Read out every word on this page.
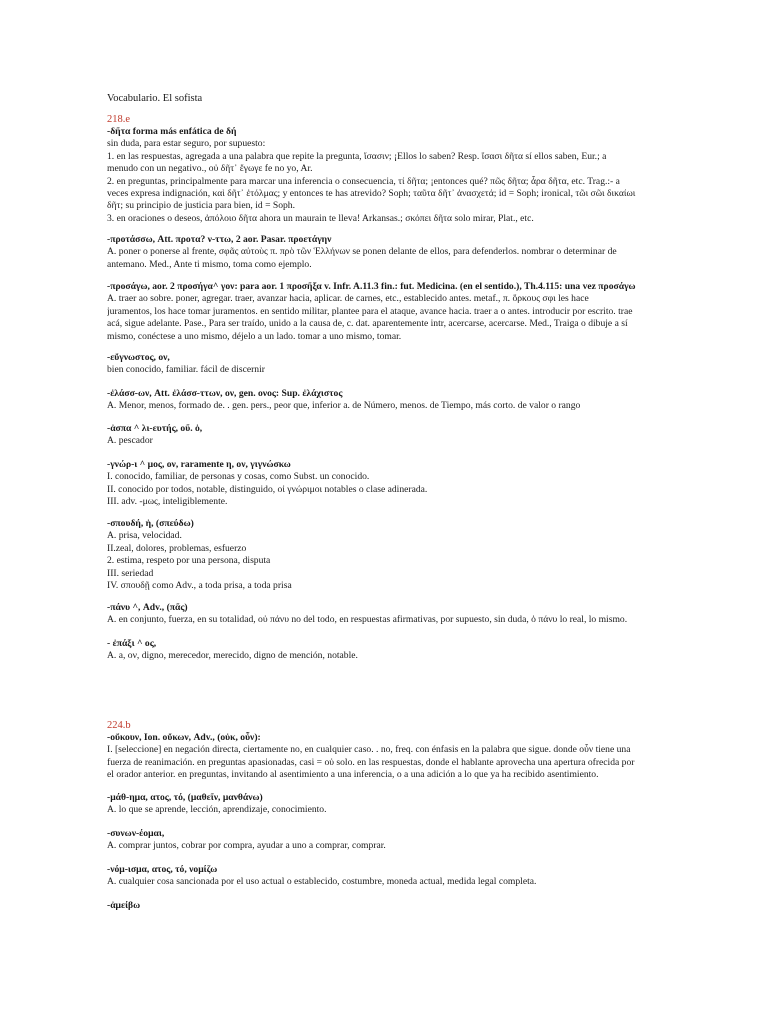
Vocabulario. El sofista
218.e
-δῆτα forma más enfática de δή
sin duda, para estar seguro, por supuesto:
1. en las respuestas, agregada a una palabra que repite la pregunta, ἴσασιν; ¡Ellos lo saben? Resp. ἴσασι δῆτα sí ellos saben, Eur.; a
menudo con un negativo., οὐ δῆτ᾽ ἔγωγε fe no yo, Ar.
2. en preguntas, principalmente para marcar una inferencia o consecuencia, τί δῆτα; ¡entonces qué? πῶς δῆτα; ἆρα δῆτα, etc. Trag.:- a
veces expresa indignación, καὶ δῆτ᾽ ἐτόλμας; y entonces te has atrevido? Soph; ταῦτα δῆτ᾽ ἀνασχετά; id = Soph; ironical, τῶι σῶι δικαίωι
δῆτ; su principio de justicia para bien, id = Soph.
3. en oraciones o deseos, ἀπόλοιο δῆτα ahora un maurain te lleva! Arkansas.; σκόπει δῆτα solo mirar, Plat., etc.
-προτάσσω, Att. προτα? ν-ττω, 2 aor. Pasar. προετάγην
A. poner o ponerse al frente, σφᾶς αὐτοὺς π. πρὸ τῶν Ἑλλήνων se ponen delante de ellos, para defenderlos. nombrar o determinar de
antemano. Med., Ante ti mismo, toma como ejemplo.
-προσάγω, aor. 2 προσήγα^ γον: para aor. 1 προσῆξα v. Infr. A.11.3 fin.: fut. Medicina. (en el sentido.), Th.4.115: una vez προσάγω
A. traer ao sobre. poner, agregar. traer, avanzar hacia, aplicar. de carnes, etc., establecido antes. metaf., π. ὅρκους σφι les hace
juramentos, los hace tomar juramentos. en sentido militar, plantee para el ataque, avance hacia. traer a o antes. introducir por escrito. trae
acá, sigue adelante. Pase., Para ser traído, unido a la causa de, c. dat. aparentemente intr, acercarse, acercarse. Med., Traiga o dibuje a sí
mismo, conéctese a uno mismo, déjelo a un lado. tomar a uno mismo, tomar.
-εὔγνωστος, ον,
bien conocido, familiar. fácil de discernir
-ἐλάσσ-ων, Att. ἐλάσσ-ττων, ον, gen. ονος: Sup. ἐλάχιστος
A. Menor, menos, formado de. . gen. pers., peor que, inferior a. de Número, menos. de Tiempo, más corto. de valor o rango
-ἀσπα ^ λι-ευτής, οῦ. ὁ,
A. pescador
-γνώρ-ι ^ μος, ον, raramente η, ον, γιγνώσκω
I. conocido, familiar, de personas y cosas, como Subst. un conocido.
II. conocido por todos, notable, distinguido, οἱ γνώριμοι notables o clase adinerada.
III. adv. -μως, inteligiblemente.
-σπουδή, ἡ, (σπεύδω)
A. prisa, velocidad.
II.zeal, dolores, problemas, esfuerzo
2. estima, respeto por una persona, disputa
III. seriedad
IV. σπουδῇ como Adv., a toda prisa, a toda prisa
-πάνυ ^, Adv., (πᾶς)
A. en conjunto, fuerza, en su totalidad, οὐ πάνυ no del todo, en respuestas afirmativas, por supuesto, sin duda, ὁ πάνυ lo real, lo mismo.
- ἐπάξι ^ ος,
A. a, ον, digno, merecedor, merecido, digno de mención, notable.
224.b
-οὔκουν, Ion. οὔκων, Adv., (οὐκ, οὖν):
I. [seleccione] en negación directa, ciertamente no, en cualquier caso. . no, freq. con énfasis en la palabra que sigue. donde οὖν tiene una
fuerza de reanimación. en preguntas apasionadas, casi = οὐ solo. en las respuestas, donde el hablante aprovecha una apertura ofrecida por
el orador anterior. en preguntas, invitando al asentimiento a una inferencia, o a una adición a lo que ya ha recibido asentimiento.
-μάθ-ημα, ατος, τό, (μαθεῖν, μανθάνω)
A. lo que se aprende, lección, aprendizaje, conocimiento.
-συνων-έομαι,
A. comprar juntos, cobrar por compra, ayudar a uno a comprar, comprar.
-νόμ-ισμα, ατος, τό, νομίζω
A. cualquier cosa sancionada por el uso actual o establecido, costumbre, moneda actual, medida legal completa.
-ἀμείβω
